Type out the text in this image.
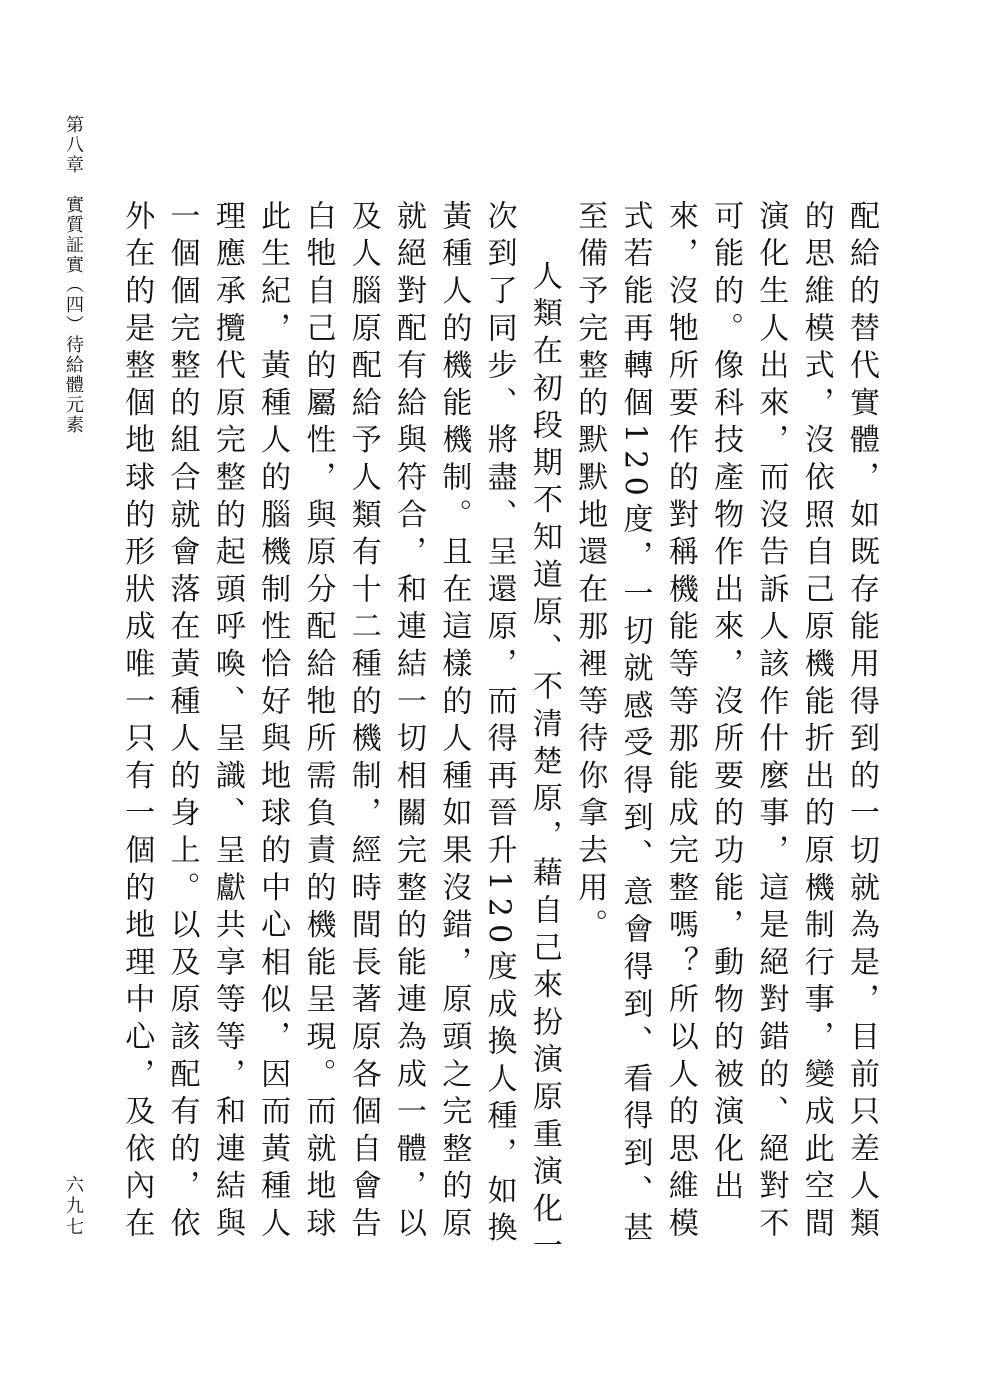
第八章
實質証實（四）待給體元素	配給的替代實體，如既存能用得到的一切就為是，目前只差人類的思維模式，沒依照自己原機能折出的原機制行事，變成此空間演化生人出來，而沒告訴人該作什麼事，這是絕對錯的、絕對不可能的。像科技產物作出來，沒所要的功能，動物的被演化出來，沒牠所要作的對稱機能等等那能成完整嗎？所以人的思維模式若能再轉個120度，一切就感受得到、意會得到、看得到、甚至備予完整的默默地還在那裡等待你拿去用。

人類在初段期不知道原、不清楚原，藉自己來扮演原重演化一次到了同步、將盡、呈還原，而得再晉升120度成換人種，如換黃種人的機能機制。且在這樣的人種如果沒錯，原頭之完整的原就絕對配有給與符合，和連結一切相關完整的能連為成一體，以及人腦原配給予人類有十二種的機制，經時間長著原各個自會告白牠自己的屬性，與原分配給牠所需負責的機能呈現。而就地球此生紀，黃種人的腦機制性恰好與地球的中心相似，因而黃種人理應承攬代原完整的起頭呼喚、呈識、呈獻共享等等，和連結與一個個完整的組合就會落在黃種人的身上。以及原該配有的，依外在的是整個地球的形狀成唯一只有一個的地理中心，及依內在

六九七
